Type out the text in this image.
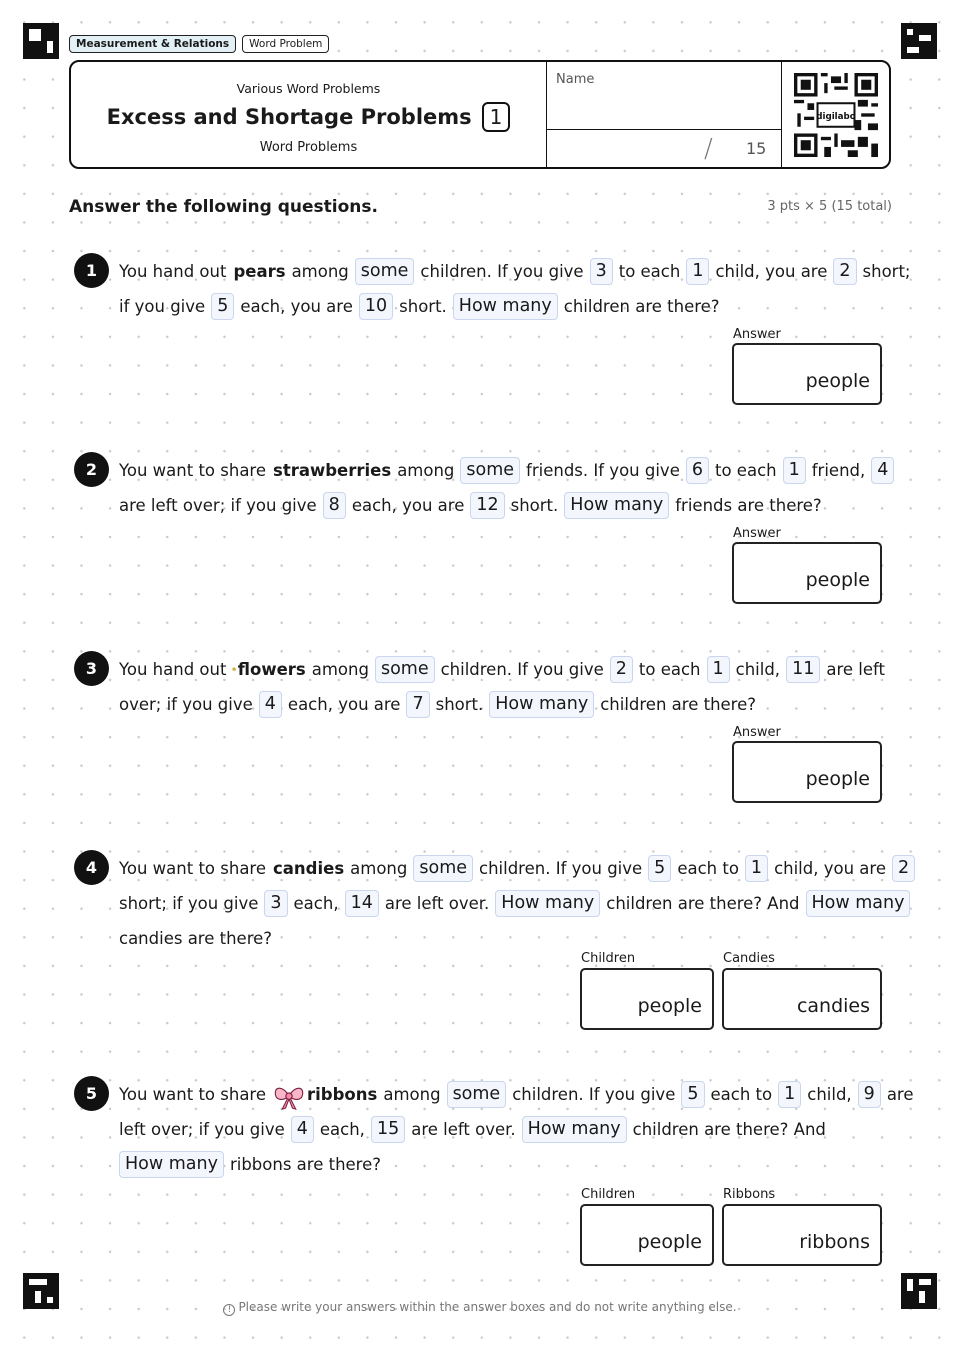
Measurement & Relations	Word Problem
Various Word Problems
Excess and Shortage Problems 1
Word Problems
Name
/ 15
digilabo
Answer the following questions.	3 pts × 5 (15 total)
1	You hand out pears among some children. If you give 3 to each 1 child, you are 2 short;
if you give 5 each, you are 10 short. How many children are there?
Answer
people
2	You want to share strawberries among some friends. If you give 6 to each 1 friend, 4
are left over; if you give 8 each, you are 12 short. How many friends are there?
Answer
people
3	You hand out flowers among some children. If you give 2 to each 1 child, 11 are left
over; if you give 4 each, you are 7 short. How many children are there?
Answer
people
4	You want to share candies among some children. If you give 5 each to 1 child, you are 2
short; if you give 3 each, 14 are left over. How many children are there? And How many
candies are there?
Children
people
Candies
candies
5	You want to share ribbons among some children. If you give 5 each to 1 child, 9 are
left over; if you give 4 each, 15 are left over. How many children are there? And
How many ribbons are there?
Children
people
Ribbons
ribbons
! Please write your answers within the answer boxes and do not write anything else.
